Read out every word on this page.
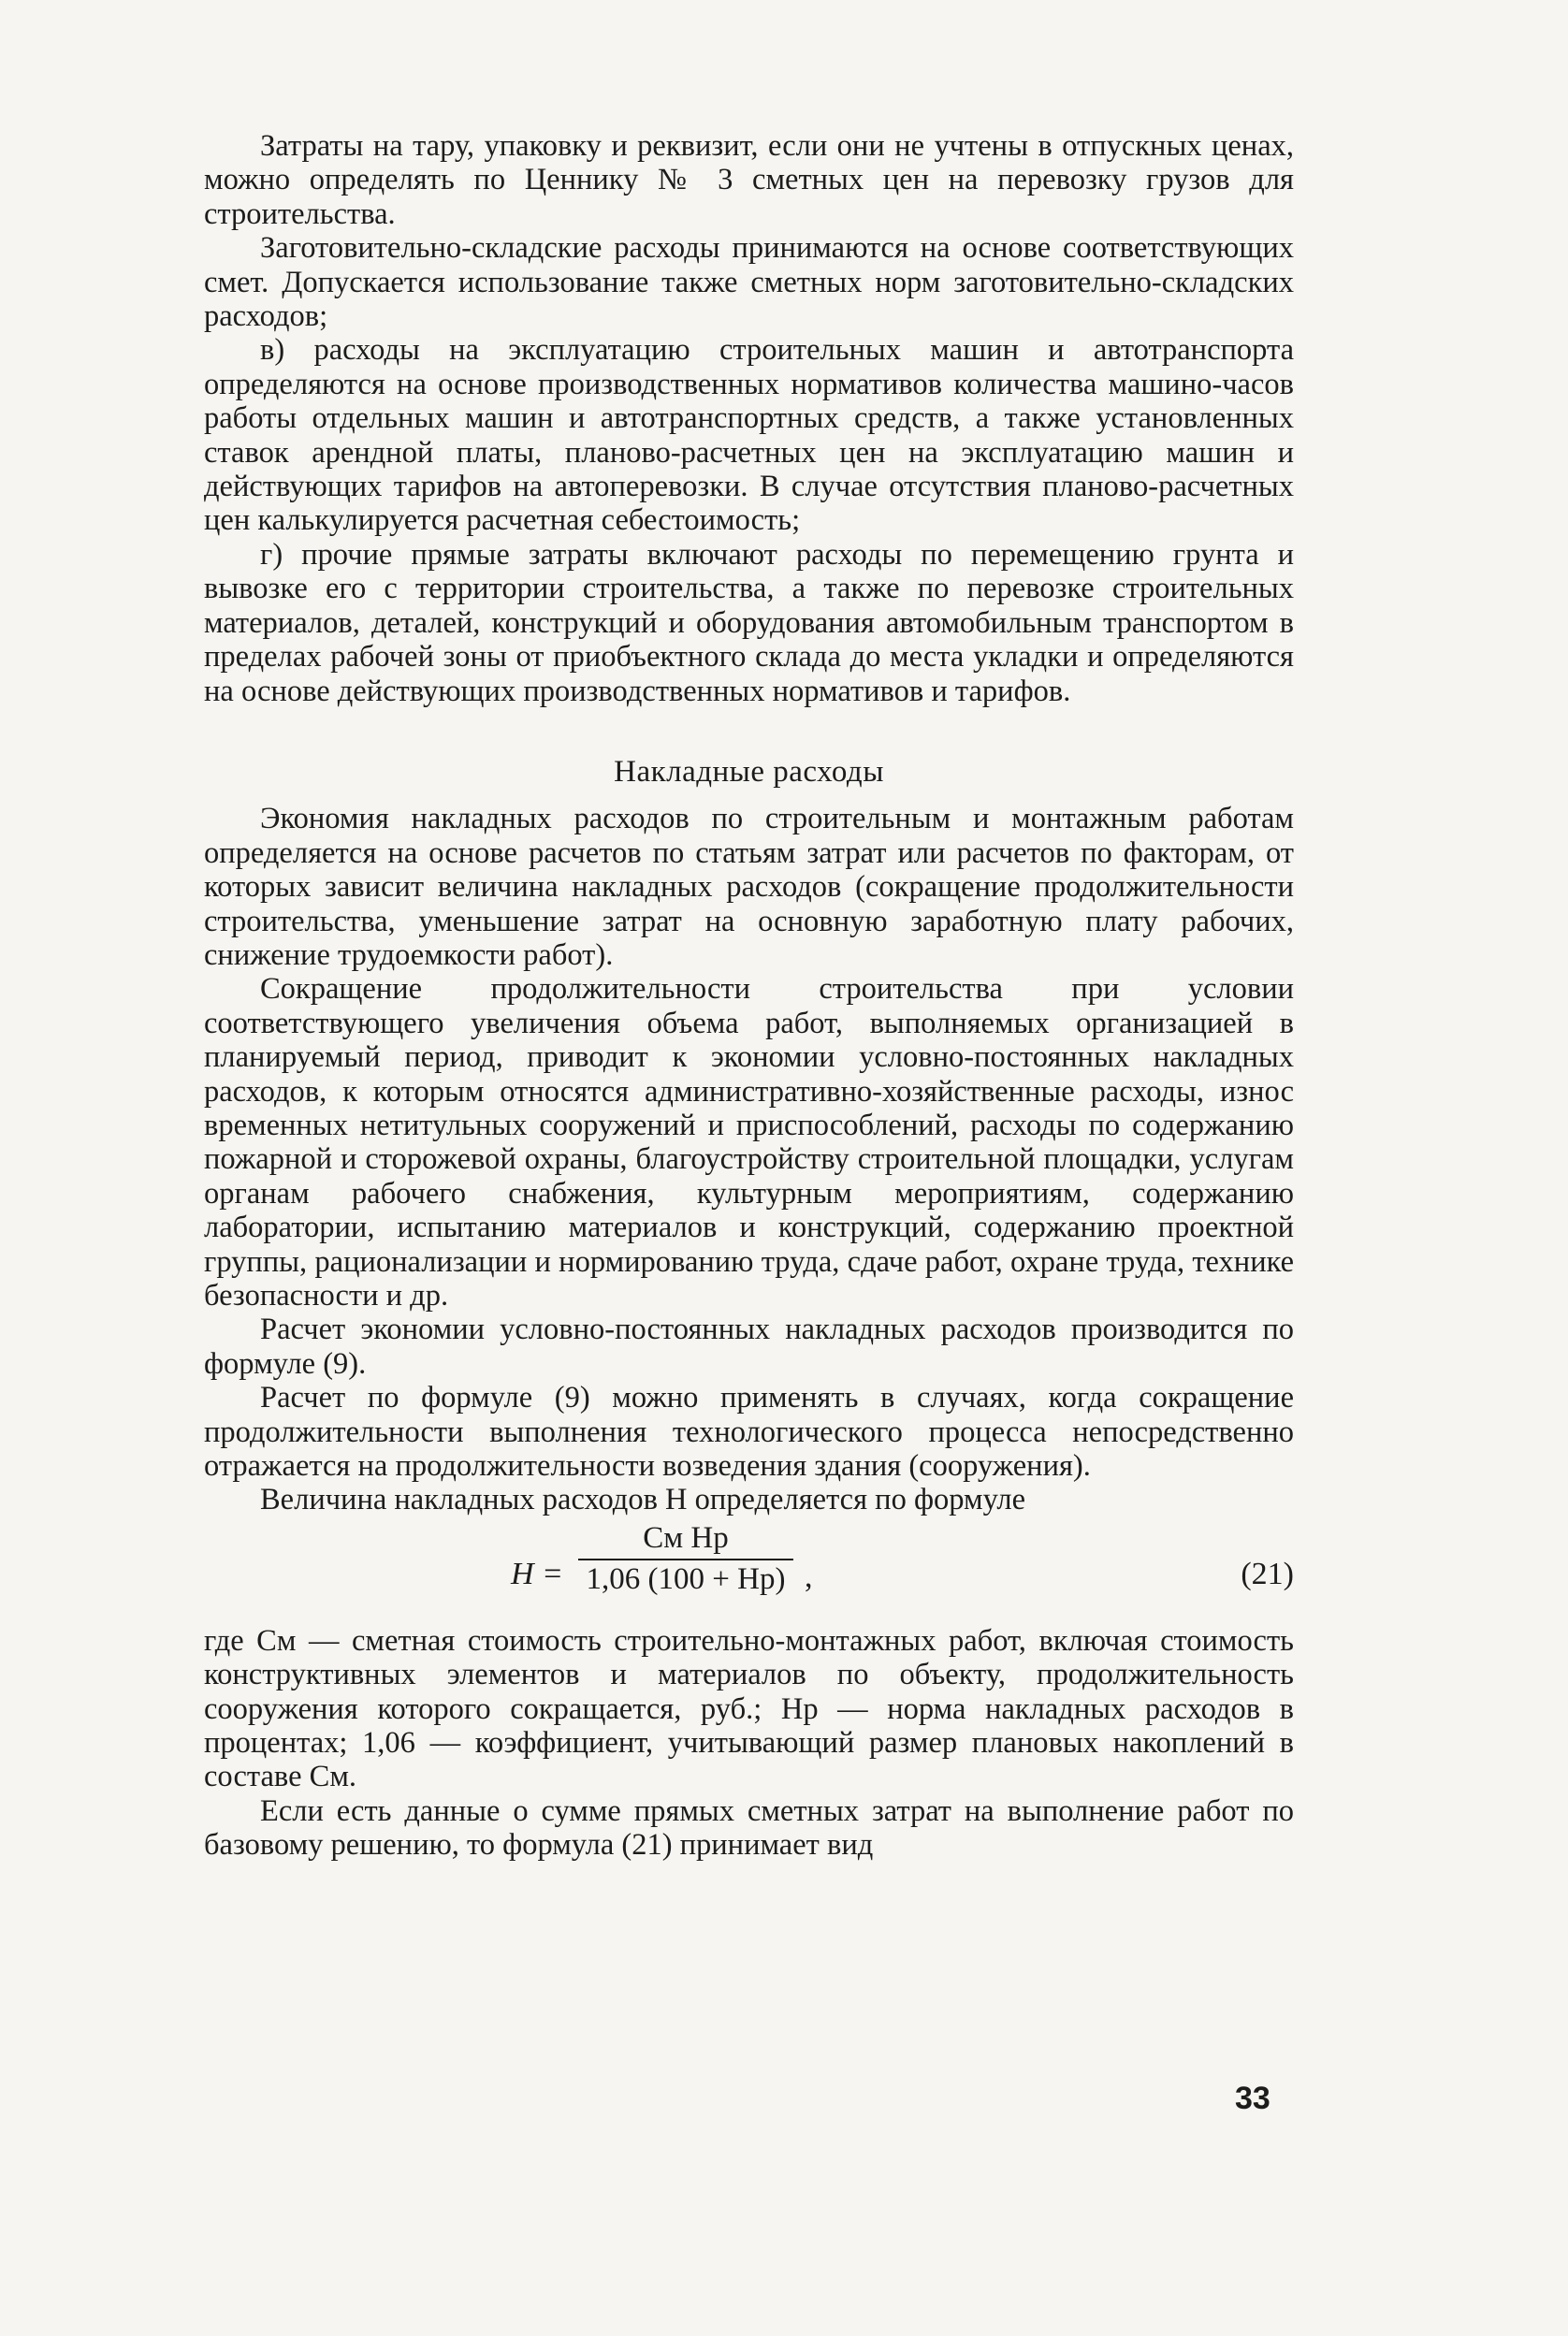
Затраты на тару, упаковку и реквизит, если они не учтены в отпускных ценах, можно определять по Ценнику № 3 сметных цен на перевозку грузов для строительства.

Заготовительно-складские расходы принимаются на основе соответствующих смет. Допускается использование также сметных норм заготовительно-складских расходов;

в) расходы на эксплуатацию строительных машин и автотранспорта определяются на основе производственных нормативов количества машино-часов работы отдельных машин и автотранспортных средств, а также установленных ставок арендной платы, планово-расчетных цен на эксплуатацию машин и действующих тарифов на автоперевозки. В случае отсутствия планово-расчетных цен калькулируется расчетная себестоимость;

г) прочие прямые затраты включают расходы по перемещению грунта и вывозке его с территории строительства, а также по перевозке строительных материалов, деталей, конструкций и оборудования автомобильным транспортом в пределах рабочей зоны от приобъектного склада до места укладки и определяются на основе действующих производственных нормативов и тарифов.

Накладные расходы

Экономия накладных расходов по строительным и монтажным работам определяется на основе расчетов по статьям затрат или расчетов по факторам, от которых зависит величина накладных расходов (сокращение продолжительности строительства, уменьшение затрат на основную заработную плату рабочих, снижение трудоемкости работ).

Сокращение продолжительности строительства при условии соответствующего увеличения объема работ, выполняемых организацией в планируемый период, приводит к экономии условно-постоянных накладных расходов, к которым относятся административно-хозяйственные расходы, износ временных нетитульных сооружений и приспособлений, расходы по содержанию пожарной и сторожевой охраны, благоустройству строительной площадки, услугам органам рабочего снабжения, культурным мероприятиям, содержанию лаборатории, испытанию материалов и конструкций, содержанию проектной группы, рационализации и нормированию труда, сдаче работ, охране труда, технике безопасности и др.

Расчет экономии условно-постоянных накладных расходов производится по формуле (9).

Расчет по формуле (9) можно применять в случаях, когда сокращение продолжительности выполнения технологического процесса непосредственно отражается на продолжительности возведения здания (сооружения).

Величина накладных расходов Н определяется по формуле

Н =
Cм Hр
1,06 (100 + Hр) ,	(21)

где Cм — сметная стоимость строительно-монтажных работ, включая стоимость конструктивных элементов и материалов по объекту, продолжительность сооружения которого сокращается, руб.; Hр — норма накладных расходов в процентах; 1,06 — коэффициент, учитывающий размер плановых накоплений в составе Cм.

Если есть данные о сумме прямых сметных затрат на выполнение работ по базовому решению, то формула (21) принимает вид

33
